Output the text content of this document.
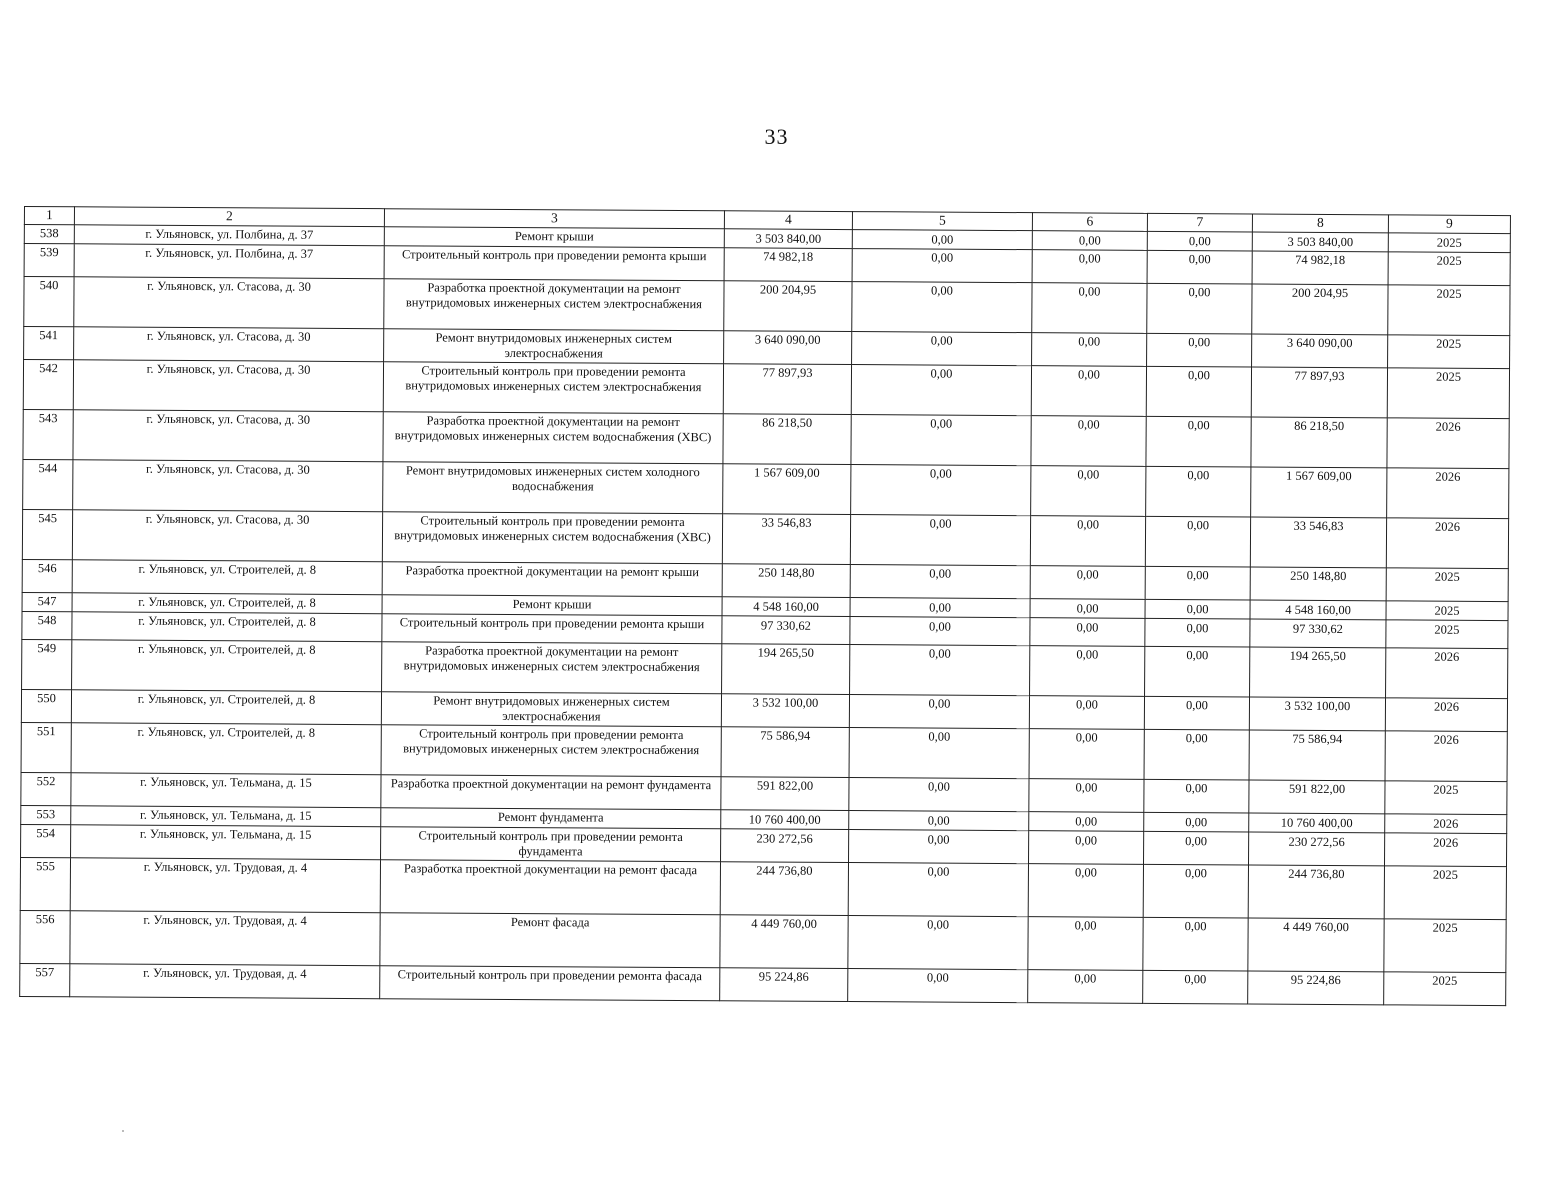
33
1	2	3	4	5	6	7	8	9
538	г. Ульяновск, ул. Полбина, д. 37	Ремонт крыши	3 503 840,00	0,00	0,00	0,00	3 503 840,00	2025
539	г. Ульяновск, ул. Полбина, д. 37	Строительный контроль при проведении ремонта крыши	74 982,18	0,00	0,00	0,00	74 982,18	2025
540	г. Ульяновск, ул. Стасова, д. 30	Разработка проектной документации на ремонт внутридомовых инженерных систем электроснабжения	200 204,95	0,00	0,00	0,00	200 204,95	2025
541	г. Ульяновск, ул. Стасова, д. 30	Ремонт внутридомовых инженерных систем электроснабжения	3 640 090,00	0,00	0,00	0,00	3 640 090,00	2025
542	г. Ульяновск, ул. Стасова, д. 30	Строительный контроль при проведении ремонта внутридомовых инженерных систем электроснабжения	77 897,93	0,00	0,00	0,00	77 897,93	2025
543	г. Ульяновск, ул. Стасова, д. 30	Разработка проектной документации на ремонт внутридомовых инженерных систем водоснабжения (ХВС)	86 218,50	0,00	0,00	0,00	86 218,50	2026
544	г. Ульяновск, ул. Стасова, д. 30	Ремонт внутридомовых инженерных систем холодного водоснабжения	1 567 609,00	0,00	0,00	0,00	1 567 609,00	2026
545	г. Ульяновск, ул. Стасова, д. 30	Строительный контроль при проведении ремонта внутридомовых инженерных систем водоснабжения (ХВС)	33 546,83	0,00	0,00	0,00	33 546,83	2026
546	г. Ульяновск, ул. Строителей, д. 8	Разработка проектной документации на ремонт крыши	250 148,80	0,00	0,00	0,00	250 148,80	2025
547	г. Ульяновск, ул. Строителей, д. 8	Ремонт крыши	4 548 160,00	0,00	0,00	0,00	4 548 160,00	2025
548	г. Ульяновск, ул. Строителей, д. 8	Строительный контроль при проведении ремонта крыши	97 330,62	0,00	0,00	0,00	97 330,62	2025
549	г. Ульяновск, ул. Строителей, д. 8	Разработка проектной документации на ремонт внутридомовых инженерных систем электроснабжения	194 265,50	0,00	0,00	0,00	194 265,50	2026
550	г. Ульяновск, ул. Строителей, д. 8	Ремонт внутридомовых инженерных систем электроснабжения	3 532 100,00	0,00	0,00	0,00	3 532 100,00	2026
551	г. Ульяновск, ул. Строителей, д. 8	Строительный контроль при проведении ремонта внутридомовых инженерных систем электроснабжения	75 586,94	0,00	0,00	0,00	75 586,94	2026
552	г. Ульяновск, ул. Тельмана, д. 15	Разработка проектной документации на ремонт фундамента	591 822,00	0,00	0,00	0,00	591 822,00	2025
553	г. Ульяновск, ул. Тельмана, д. 15	Ремонт фундамента	10 760 400,00	0,00	0,00	0,00	10 760 400,00	2026
554	г. Ульяновск, ул. Тельмана, д. 15	Строительный контроль при проведении ремонта фундамента	230 272,56	0,00	0,00	0,00	230 272,56	2026
555	г. Ульяновск, ул. Трудовая, д. 4	Разработка проектной документации на ремонт фасада	244 736,80	0,00	0,00	0,00	244 736,80	2025
556	г. Ульяновск, ул. Трудовая, д. 4	Ремонт фасада	4 449 760,00	0,00	0,00	0,00	4 449 760,00	2025
557	г. Ульяновск, ул. Трудовая, д. 4	Строительный контроль при проведении ремонта фасада	95 224,86	0,00	0,00	0,00	95 224,86	2025
